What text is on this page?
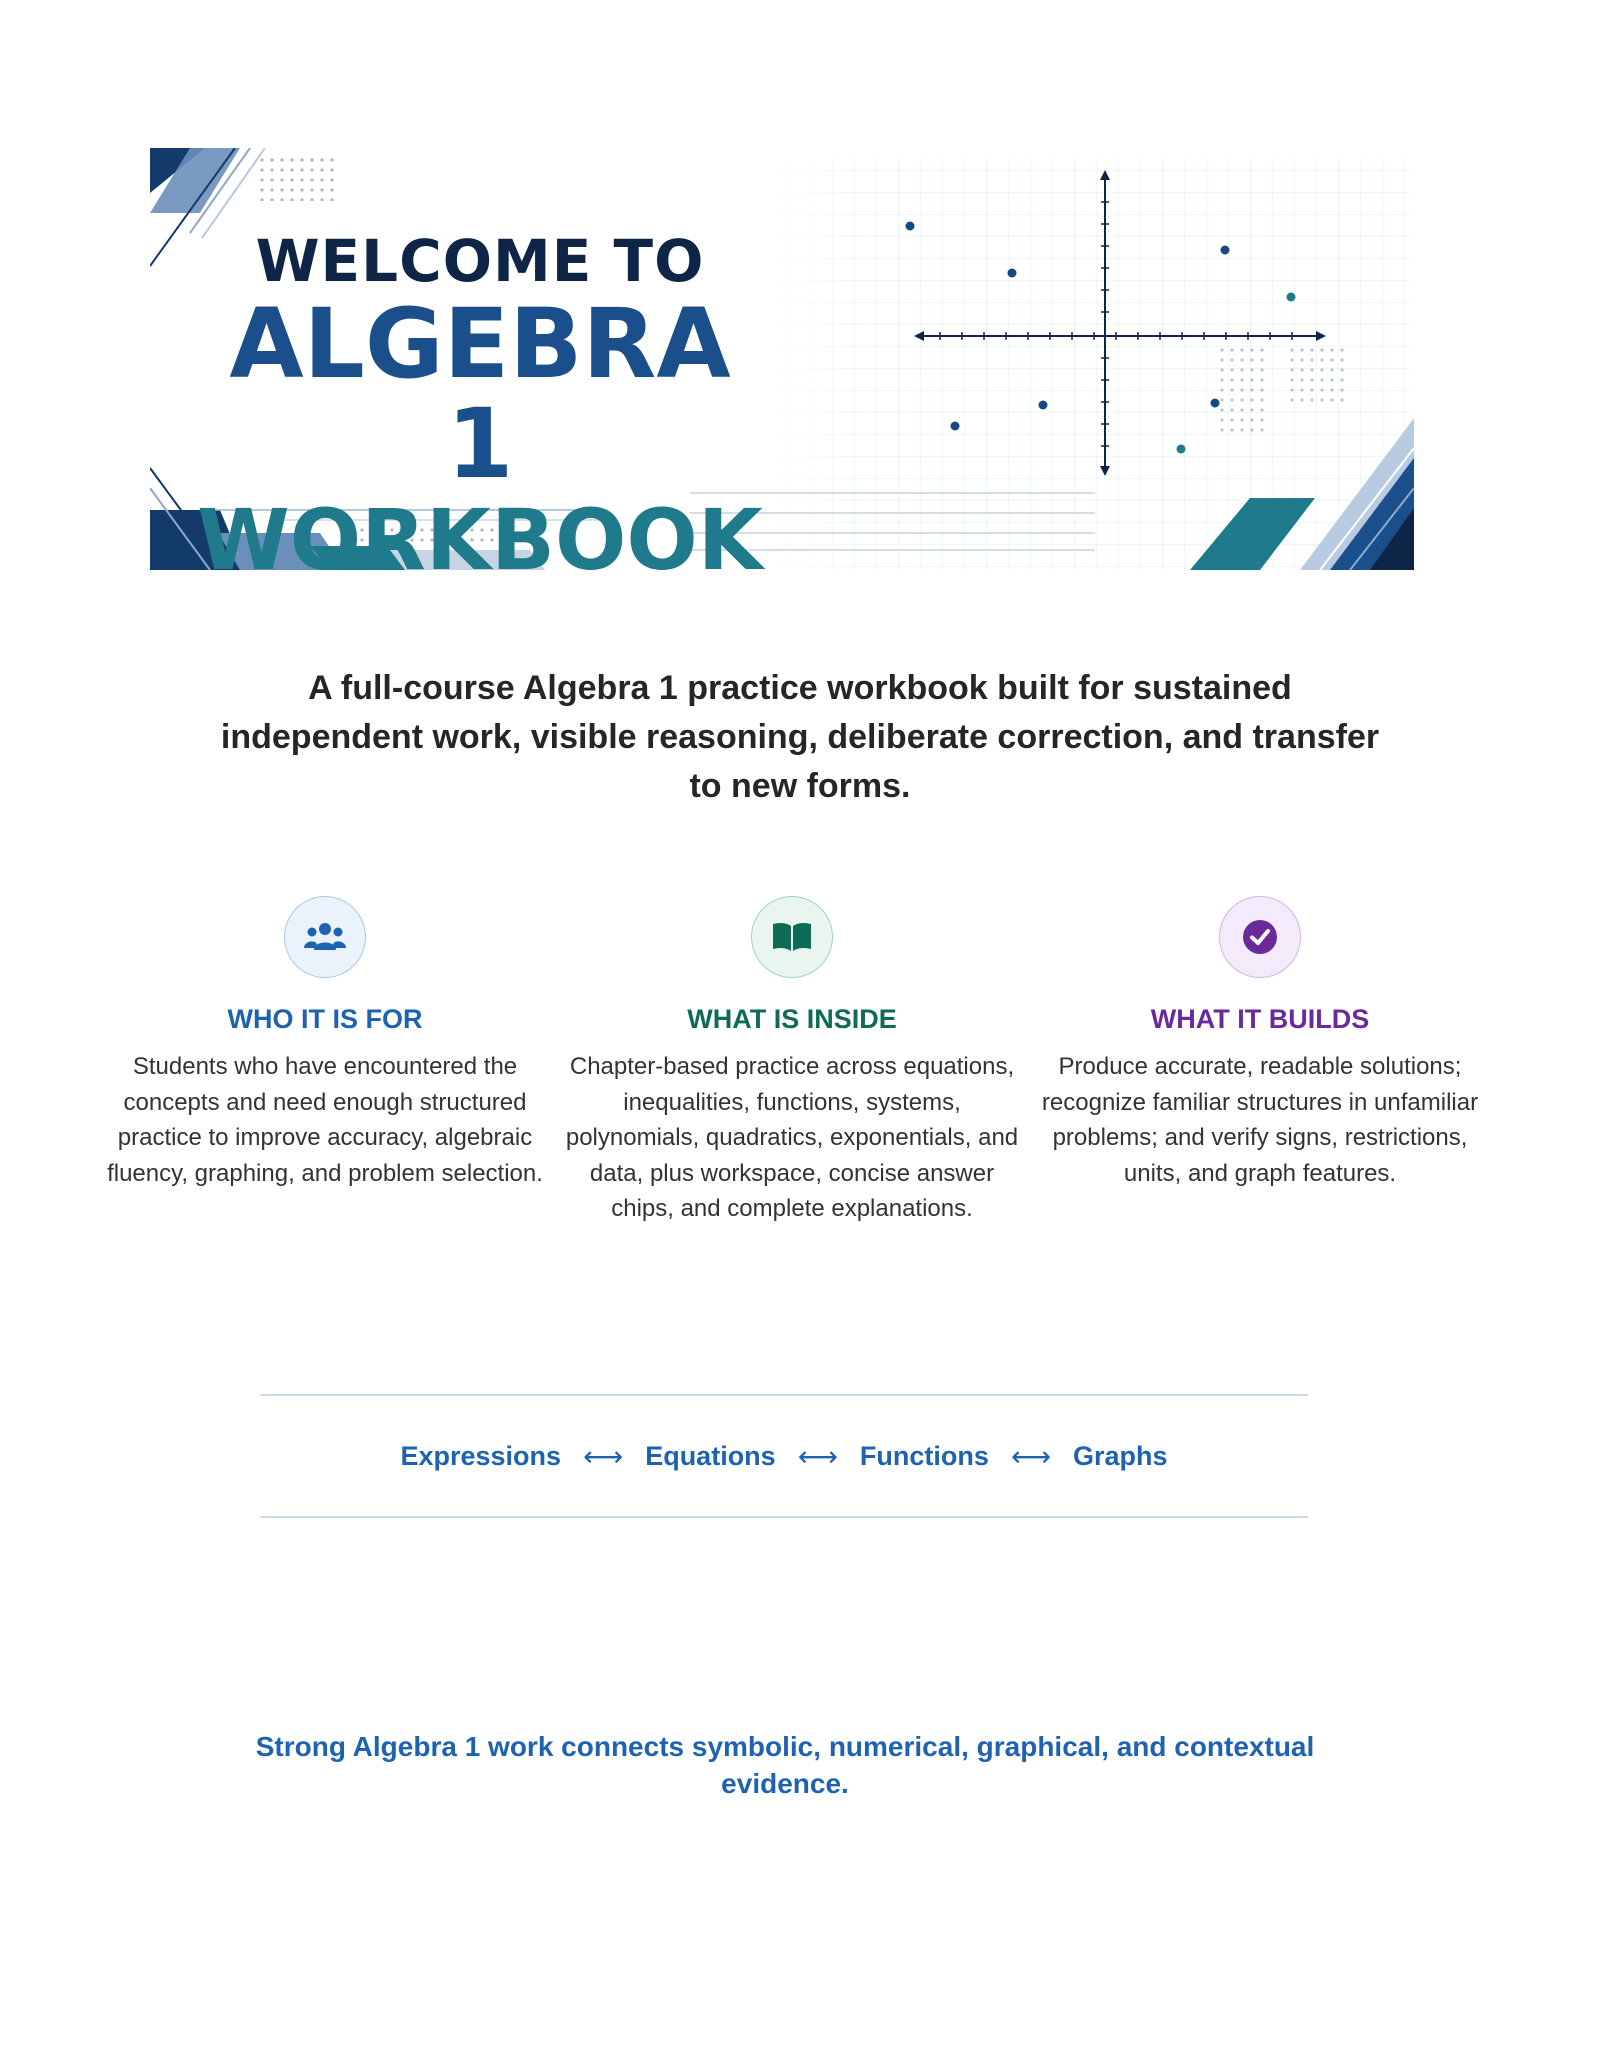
WELCOME TO
ALGEBRA 1
WORKBOOK
A full-course Algebra 1 practice workbook built for sustained independent work, visible reasoning, deliberate correction, and transfer to new forms.
WHO IT IS FOR

Students who have encountered the concepts and need enough structured practice to improve accuracy, algebraic fluency, graphing, and problem selection.

WHAT IS INSIDE

Chapter-based practice across equations, inequalities, functions, systems, polynomials, quadratics, exponentials, and data, plus workspace, concise answer chips, and complete explanations.

WHAT IT BUILDS

Produce accurate, readable solutions; recognize familiar structures in unfamiliar problems; and verify signs, restrictions, units, and graph features.

Expressions ⟷ Equations ⟷ Functions ⟷ Graphs
Strong Algebra 1 work connects symbolic, numerical, graphical, and contextual evidence.
